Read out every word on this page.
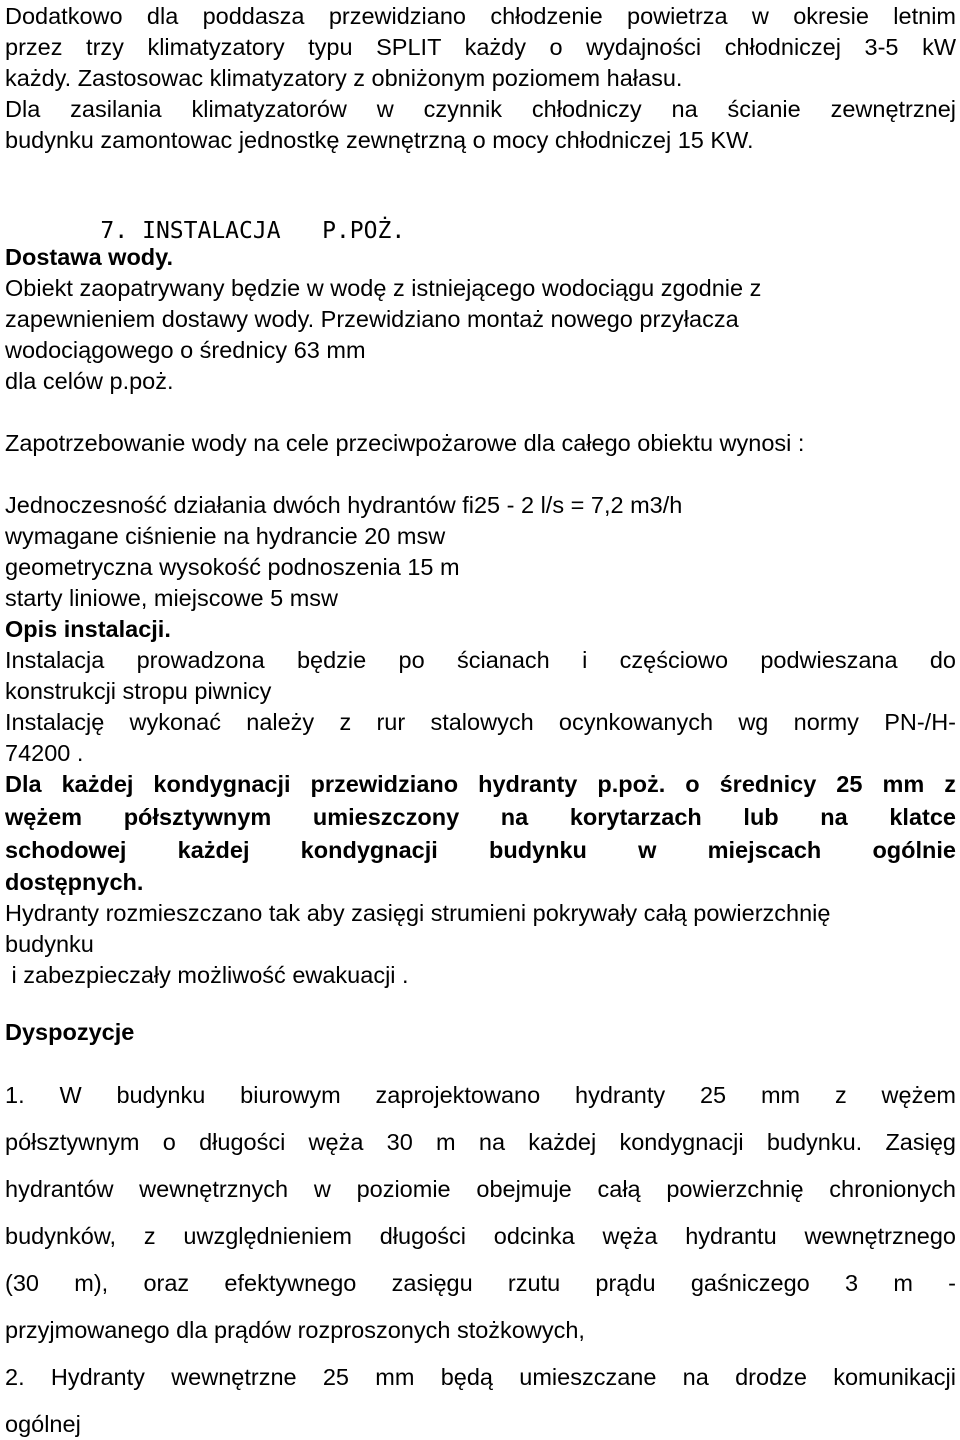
Dodatkowo dla poddasza przewidziano chłodzenie powietrza w okresie letnim
przez trzy klimatyzatory typu SPLIT każdy o wydajności chłodniczej 3-5 kW
każdy. Zastosowac klimatyzatory z obniżonym poziomem hałasu.
Dla zasilania klimatyzatorów w czynnik chłodniczy na ścianie zewnętrznej
budynku zamontowac jednostkę zewnętrzną o mocy chłodniczej 15 KW.

7. INSTALACJA   P.POŻ.

Dostawa wody.
Obiekt zaopatrywany będzie w wodę z istniejącego wodociągu zgodnie z
zapewnieniem dostawy wody. Przewidziano montaż nowego przyłacza
wodociągowego o średnicy 63 mm
dla celów p.poż.
Zapotrzebowanie wody na cele przeciwpożarowe dla całego obiektu wynosi :
Jednoczesność działania dwóch hydrantów fi25 - 2 l/s = 7,2 m3/h
wymagane ciśnienie na hydrancie 20 msw
geometryczna wysokość podnoszenia 15 m
starty liniowe, miejscowe 5 msw
Opis instalacji.
Instalacja prowadzona będzie po ścianach i częściowo podwieszana do
konstrukcji stropu piwnicy
Instalację wykonać należy z rur stalowych ocynkowanych wg normy PN-/H-
74200 .
Dla każdej kondygnacji przewidziano hydranty p.poż. o średnicy 25 mm z
wężem półsztywnym umieszczony na korytarzach lub na klatce
schodowej każdej kondygnacji budynku w miejscach ogólnie
dostępnych.
Hydranty rozmieszczano tak aby zasięgi strumieni pokrywały całą powierzchnię
budynku
i zabezpieczały możliwość ewakuacji .
Dyspozycje
1. W budynku biurowym zaprojektowano hydranty 25 mm z wężem
półsztywnym o długości węża 30 m na każdej kondygnacji budynku. Zasięg
hydrantów wewnętrznych w poziomie obejmuje całą powierzchnię chronionych
budynków, z uwzględnieniem długości odcinka węża hydrantu wewnętrznego
(30 m), oraz efektywnego zasięgu rzutu prądu gaśniczego 3 m -
przyjmowanego dla prądów rozproszonych stożkowych,
2. Hydranty wewnętrzne 25 mm będą umieszczane na drodze komunikacji
ogólnej
